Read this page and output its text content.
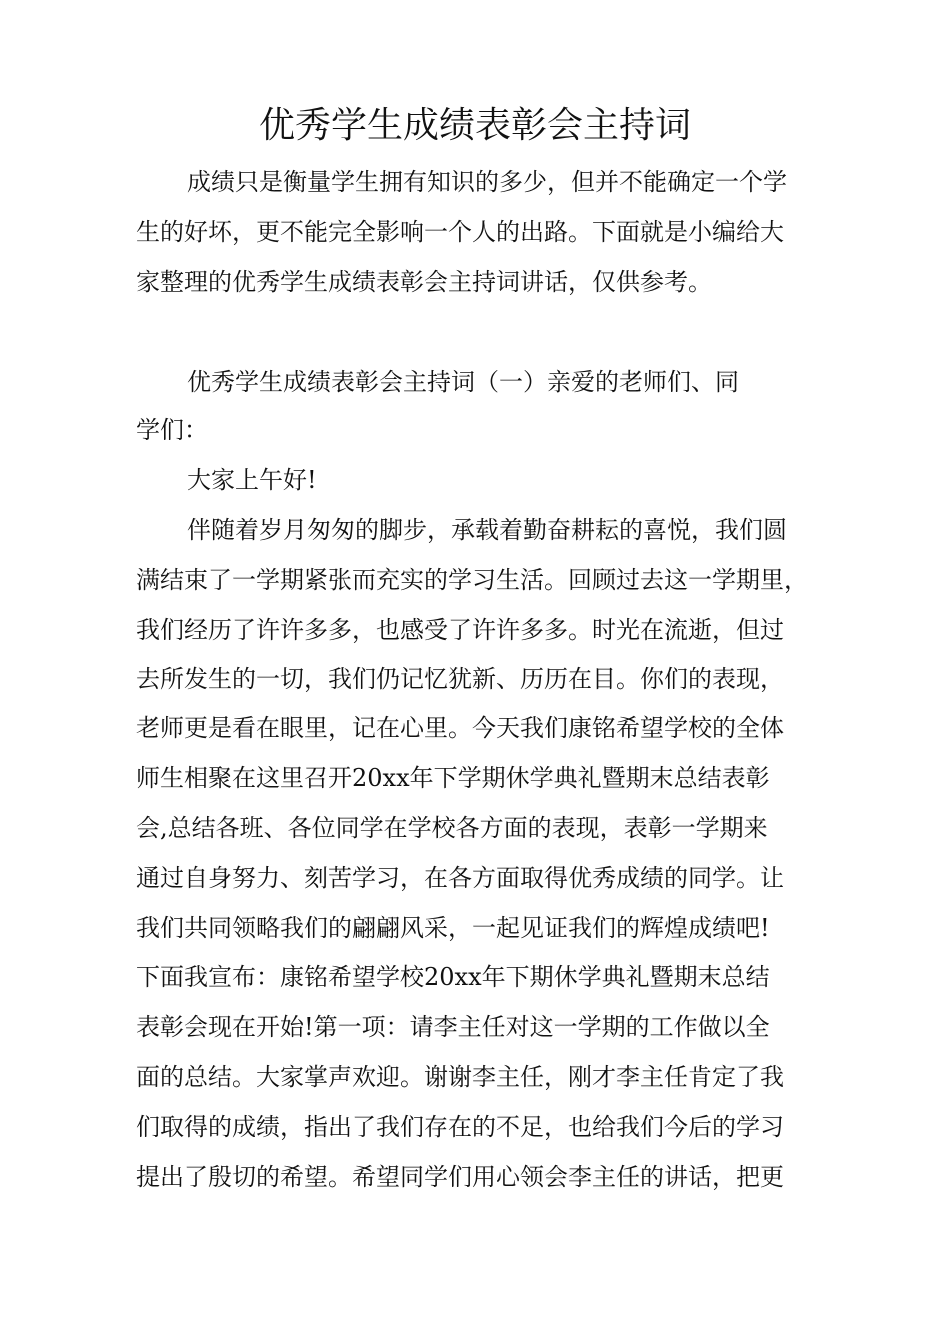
优秀学生成绩表彰会主持词
成绩只是衡量学生拥有知识的多少，但并不能确定一个学
生的好坏，更不能完全影响一个人的出路。下面就是小编给大
家整理的优秀学生成绩表彰会主持词讲话，仅供参考。
优秀学生成绩表彰会主持词（一）亲爱的老师们、同
学们：
大家上午好!
伴随着岁月匆匆的脚步，承载着勤奋耕耘的喜悦，我们圆
满结束了一学期紧张而充实的学习生活。回顾过去这一学期里，
我们经历了许许多多，也感受了许许多多。时光在流逝，但过
去所发生的一切，我们仍记忆犹新、历历在目。你们的表现，
老师更是看在眼里，记在心里。今天我们康铭希望学校的全体
师生相聚在这里召开20xx年下学期休学典礼暨期末总结表彰
会,总结各班、各位同学在学校各方面的表现，表彰一学期来
通过自身努力、刻苦学习，在各方面取得优秀成绩的同学。让
我们共同领略我们的翩翩风采，一起见证我们的辉煌成绩吧!
下面我宣布：康铭希望学校20xx年下期休学典礼暨期末总结
表彰会现在开始!第一项：请李主任对这一学期的工作做以全
面的总结。大家掌声欢迎。谢谢李主任，刚才李主任肯定了我
们取得的成绩，指出了我们存在的不足，也给我们今后的学习
提出了殷切的希望。希望同学们用心领会李主任的讲话，把更
